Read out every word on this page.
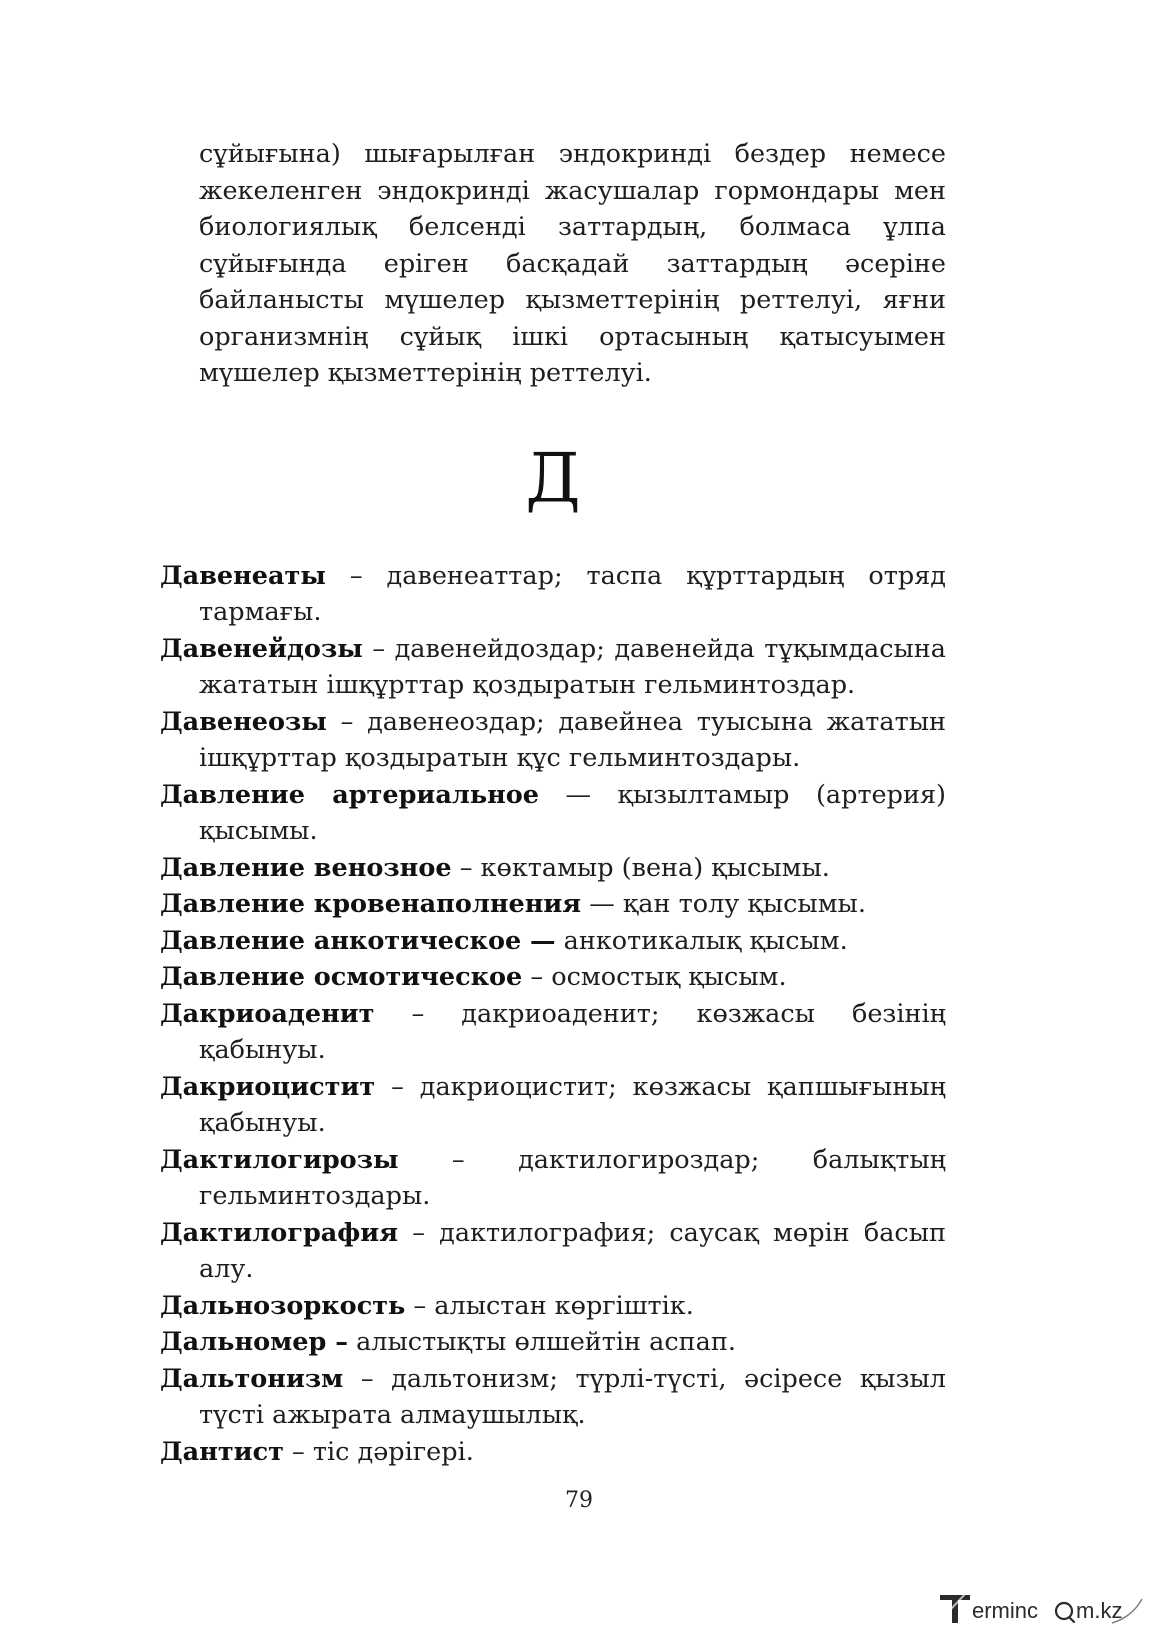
сұйығына) шығарылған эндокринді бездер немесе жекеленген эндокринді жасушалар гормондары мен биологиялық белсенді заттардың, болмаса ұлпа сұйығында еріген басқадай заттардың әсеріне байланысты мүшелер қызметтерінің реттелуі, яғни организмнің сұйық ішкі ортасының қатысуымен мүшелер қызметтерінің реттелуі.

Д
Давенеаты – давенеаттар; таспа құрттардың отряд тармағы.
Давенейдозы – давенейдоздар; давенейда тұқымдасына жататын ішқұрттар қоздыратын гельминтоздар.
Давенеозы – давенеоздар; давейнеа туысына жататын ішқұрттар қоздыратын құс гельминтоздары.
Давление артериальное — қызылтамыр (артерия) қысымы.
Давление венозное – көктамыр (вена) қысымы.
Давление кровенаполнения — қан толу қысымы.
Давление анкотическое — анкотикалық қысым.
Давление осмотическое – осмостық қысым.
Дакриоаденит – дакриоаденит; көзжасы безінің қабынуы.
Дакриоцистит – дакриоцистит; көзжасы қапшығының қабынуы.
Дактилогирозы – дактилогироздар; балықтың гельминтоздары.
Дактилография – дактилография; саусақ мөрін басып алу.
Дальнозоркость – алыстан көргіштік.
Дальномер – алыстықты өлшейтін аспап.
Дальтонизм – дальтонизм; түрлі-түсті, әсіресе қызыл түсті ажырата алмаушылық.
Дантист – тіс дәрігері.
79
erminc m.kz
